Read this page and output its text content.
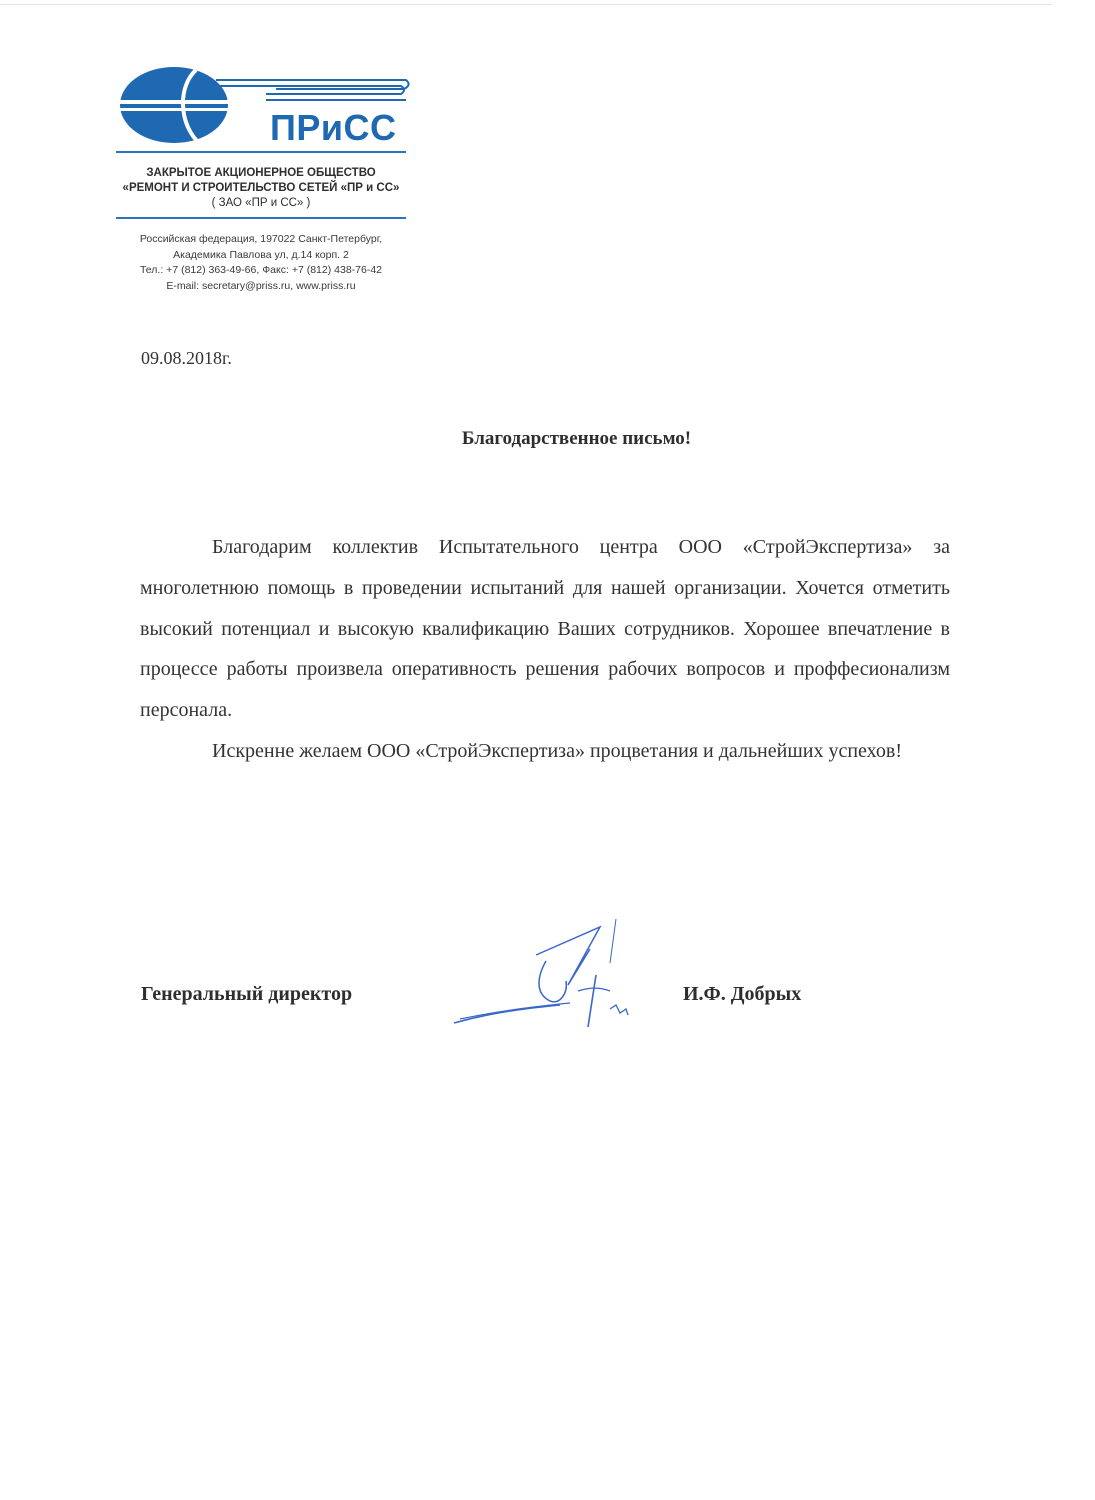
ПРиСС
ЗАКРЫТОЕ АКЦИОНЕРНОЕ ОБЩЕСТВО
«РЕМОНТ И СТРОИТЕЛЬСТВО СЕТЕЙ «ПР и СС»
( ЗАО «ПР и СС» )
Российская федерация, 197022 Санкт-Петербург,
Академика Павлова ул, д.14 корп. 2
Тел.: +7 (812) 363-49-66, Факс: +7 (812) 438-76-42
E-mail: secretary@priss.ru, www.priss.ru
09.08.2018г.
Благодарственное письмо!

Благодарим коллектив Испытательного центра ООО «СтройЭкспертиза» за многолетнюю помощь в проведении испытаний для нашей организации. Хочется отметить высокий потенциал и высокую квалификацию Ваших сотрудников. Хорошее впечатление в процессе работы произвела оперативность решения рабочих вопросов и проффесионализм персонала.

Искренне желаем ООО «СтройЭкспертиза» процветания и дальнейших успехов!

Генеральный директор	И.Ф. Добрых
